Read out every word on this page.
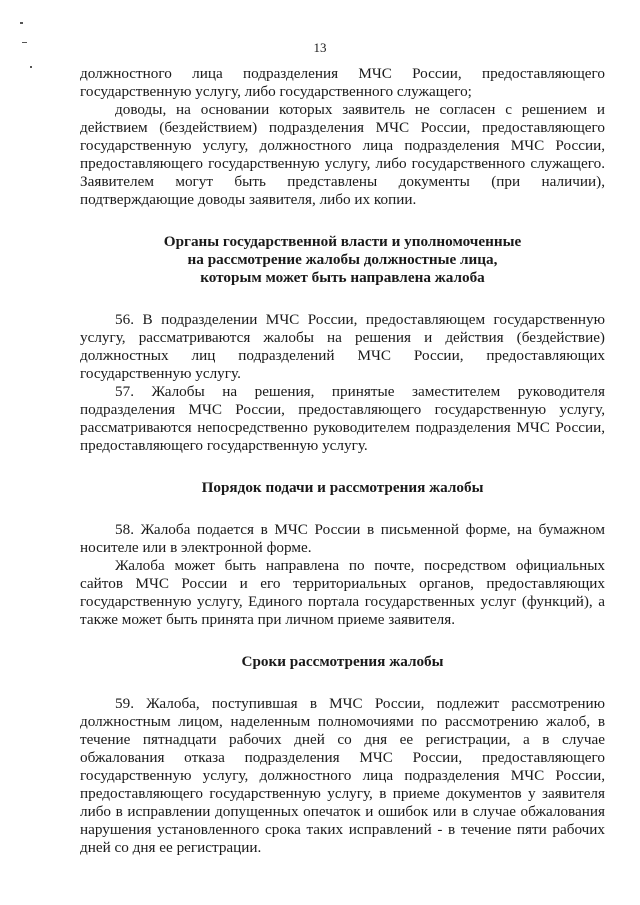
13

должностного лица подразделения МЧС России, предоставляющего государственную услугу, либо государственного служащего;

доводы, на основании которых заявитель не согласен с решением и действием (бездействием) подразделения МЧС России, предоставляющего государственную услугу, должностного лица подразделения МЧС России, предоставляющего государственную услугу, либо государственного служащего. Заявителем могут быть представлены документы (при наличии), подтверждающие доводы заявителя, либо их копии.

Органы государственной власти и уполномоченные
на рассмотрение жалобы должностные лица,
которым может быть направлена жалоба

56. В подразделении МЧС России, предоставляющем государственную услугу, рассматриваются жалобы на решения и действия (бездействие) должностных лиц подразделений МЧС России, предоставляющих государственную услугу.

57. Жалобы на решения, принятые заместителем руководителя подразделения МЧС России, предоставляющего государственную услугу, рассматриваются непосредственно руководителем подразделения МЧС России, предоставляющего государственную услугу.

Порядок подачи и рассмотрения жалобы

58. Жалоба подается в МЧС России в письменной форме, на бумажном носителе или в электронной форме.

Жалоба может быть направлена по почте, посредством официальных сайтов МЧС России и его территориальных органов, предоставляющих государственную услугу, Единого портала государственных услуг (функций), а также может быть принята при личном приеме заявителя.

Сроки рассмотрения жалобы

59. Жалоба, поступившая в МЧС России, подлежит рассмотрению должностным лицом, наделенным полномочиями по рассмотрению жалоб, в течение пятнадцати рабочих дней со дня ее регистрации, а в случае обжалования отказа подразделения МЧС России, предоставляющего государственную услугу, должностного лица подразделения МЧС России, предоставляющего государственную услугу, в приеме документов у заявителя либо в исправлении допущенных опечаток и ошибок или в случае обжалования нарушения установленного срока таких исправлений - в течение пяти рабочих дней со дня ее регистрации.
